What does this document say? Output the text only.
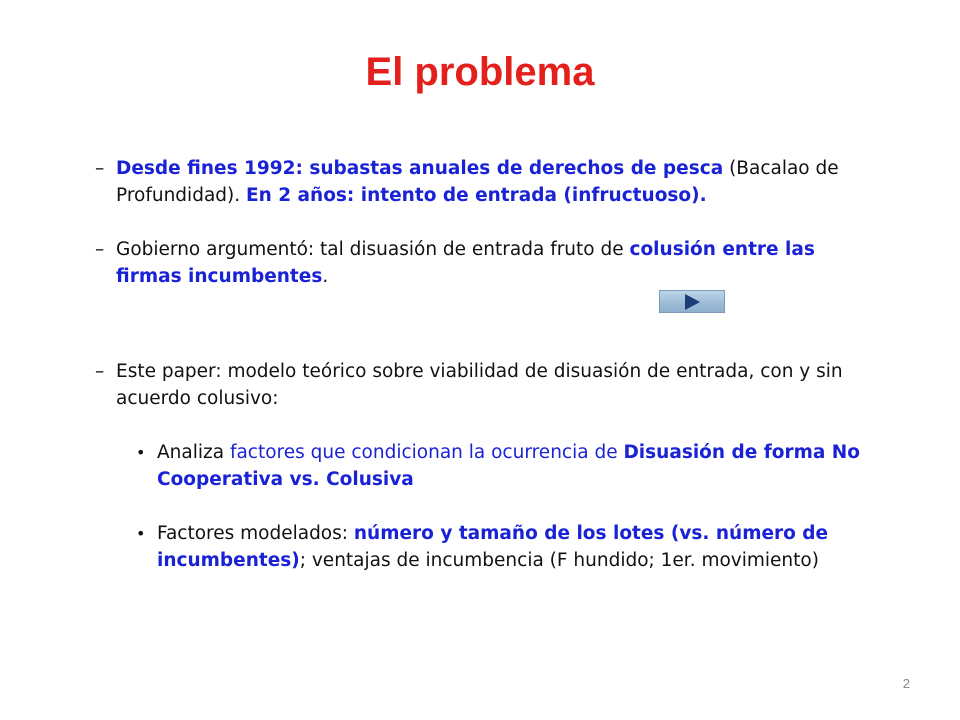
El problema
– Desde fines 1992: subastas anuales de derechos de pesca (Bacalao de Profundidad). En 2 años: intento de entrada (infructuoso).
– Gobierno argumentó: tal disuasión de entrada fruto de colusión entre las firmas incumbentes.
– Este paper: modelo teórico sobre viabilidad de disuasión de entrada, con y sin acuerdo colusivo:
• Analiza factores que condicionan la ocurrencia de Disuasión de forma No Cooperativa vs. Colusiva
• Factores modelados: número y tamaño de los lotes (vs. número de incumbentes); ventajas de incumbencia (F hundido; 1er. movimiento)
2
